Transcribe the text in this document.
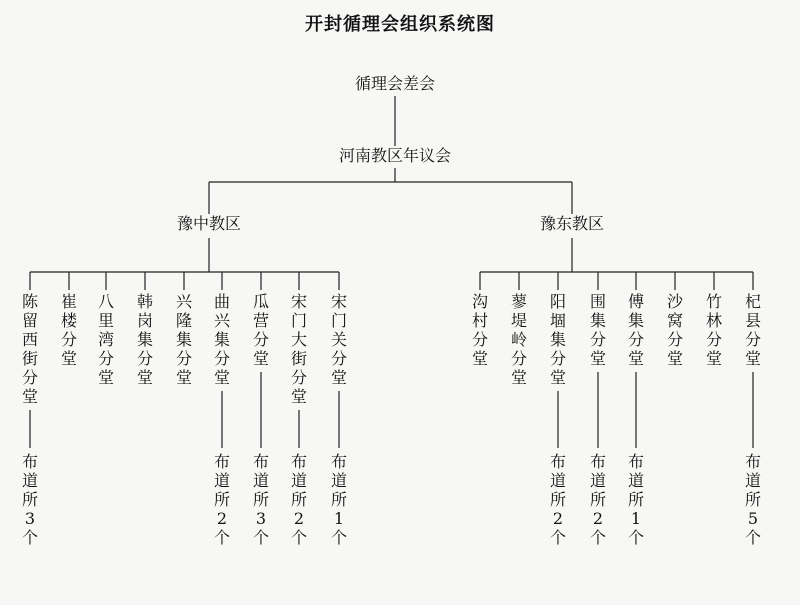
开封循理会组织系统图
循理会差会
河南教区年议会
豫中教区
陈
留
西
街
分
堂
布
道
所
3
个
崔
楼
分
堂
八
里
湾
分
堂
韩
岗
集
分
堂
兴
隆
集
分
堂
曲
兴
集
分
堂
布
道
所
2
个
瓜
营
分
堂
布
道
所
3
个
宋
门
大
街
分
堂
布
道
所
2
个
宋
门
关
分
堂
布
道
所
1
个
豫东教区
沟
村
分
堂
蓼
堤
岭
分
堂
阳
堌
集
分
堂
布
道
所
2
个
围
集
分
堂
布
道
所
2
个
傅
集
分
堂
布
道
所
1
个
沙
窝
分
堂
竹
林
分
堂
杞
县
分
堂
布
道
所
5
个
